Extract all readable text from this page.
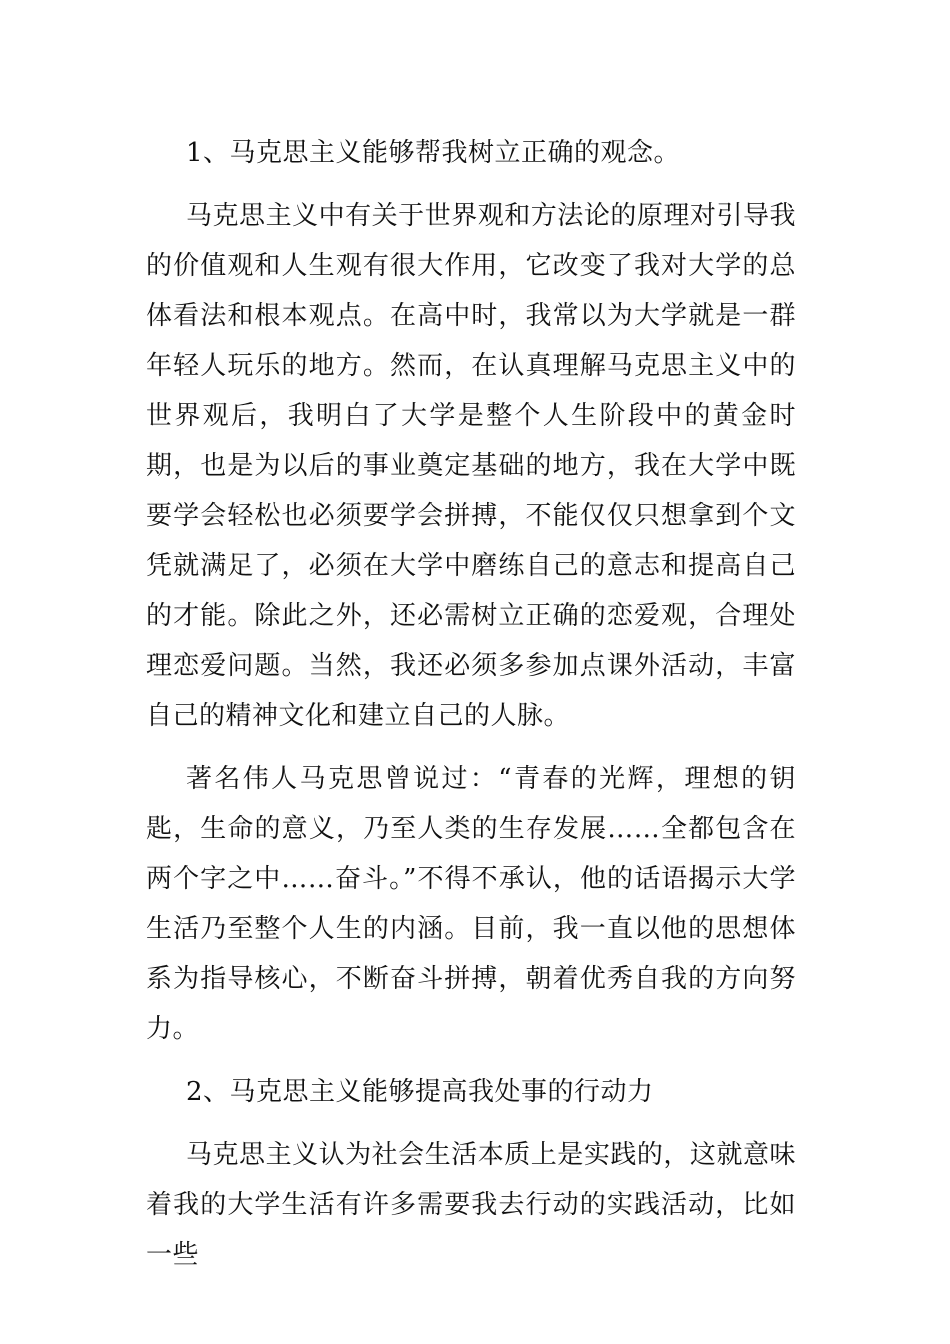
1、马克思主义能够帮我树立正确的观念。

马克思主义中有关于世界观和方法论的原理对引导我的价值观和人生观有很大作用，它改变了我对大学的总体看法和根本观点。在高中时，我常以为大学就是一群年轻人玩乐的地方。然而，在认真理解马克思主义中的世界观后，我明白了大学是整个人生阶段中的黄金时期，也是为以后的事业奠定基础的地方，我在大学中既要学会轻松也必须要学会拼搏，不能仅仅只想拿到个文凭就满足了，必须在大学中磨练自己的意志和提高自己的才能。除此之外，还必需树立正确的恋爱观，合理处理恋爱问题。当然，我还必须多参加点课外活动，丰富自己的精神文化和建立自己的人脉。

著名伟人马克思曾说过：“青春的光辉，理想的钥匙，生命的意义，乃至人类的生存发展……全都包含在两个字之中……奋斗。”不得不承认，他的话语揭示大学生活乃至整个人生的内涵。目前，我一直以他的思想体系为指导核心，不断奋斗拼搏，朝着优秀自我的方向努力。

2、马克思主义能够提高我处事的行动力

马克思主义认为社会生活本质上是实践的，这就意味着我的大学生活有许多需要我去行动的实践活动，比如一些
